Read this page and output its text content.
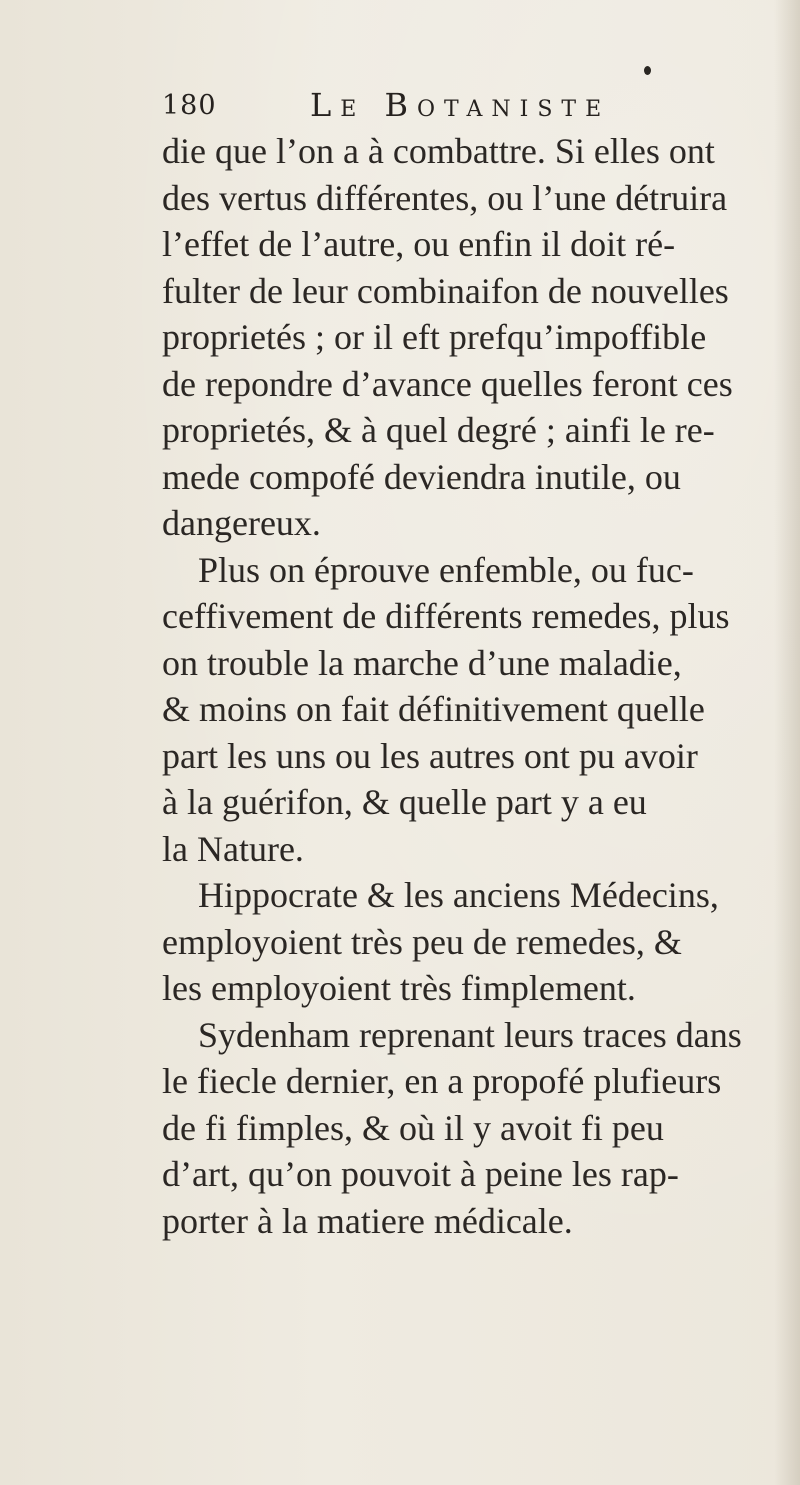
180	Le Botaniste
die que l’on a à combattre. Si elles ont
des vertus différentes, ou l’une détruira
l’effet de l’autre, ou enfin il doit ré-
fulter de leur combinaifon de nouvelles
proprietés ; or il eft prefqu’impoffible
de repondre d’avance quelles feront ces
proprietés, & à quel degré ; ainfi le re-
mede compofé deviendra inutile, ou
dangereux.
Plus on éprouve enfemble, ou fuc-
ceffivement de différents remedes, plus
on trouble la marche d’une maladie,
& moins on fait définitivement quelle
part les uns ou les autres ont pu avoir
à la guérifon, & quelle part y a eu
la Nature.
Hippocrate & les anciens Médecins,
employoient très peu de remedes, &
les employoient très fimplement.
Sydenham reprenant leurs traces dans
le fiecle dernier, en a propofé plufieurs
de fi fimples, & où il y avoit fi peu
d’art, qu’on pouvoit à peine les rap-
porter à la matiere médicale.
